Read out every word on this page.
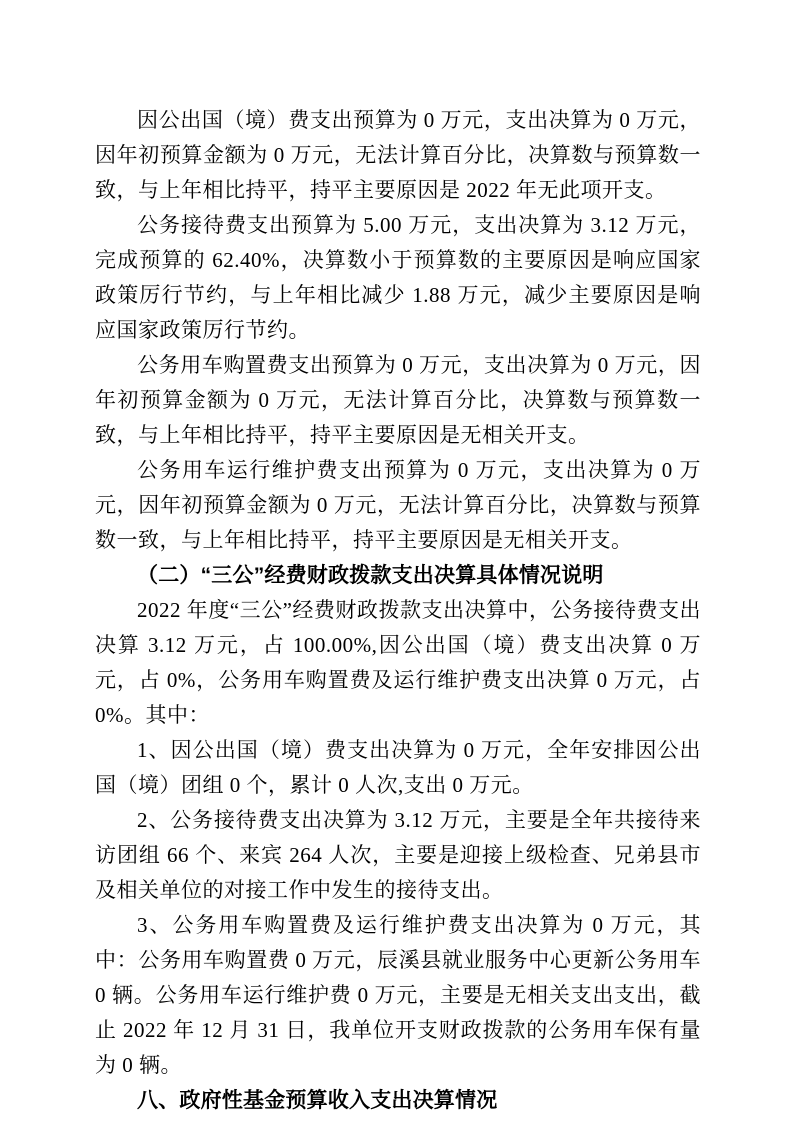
因公出国（境）费支出预算为 0 万元，支出决算为 0 万元，因年初预算金额为 0 万元，无法计算百分比，决算数与预算数一致，与上年相比持平，持平主要原因是 2022 年无此项开支。

公务接待费支出预算为 5.00 万元，支出决算为 3.12 万元，完成预算的 62.40%，决算数小于预算数的主要原因是响应国家政策厉行节约，与上年相比减少 1.88 万元，减少主要原因是响应国家政策厉行节约。

公务用车购置费支出预算为 0 万元，支出决算为 0 万元，因年初预算金额为 0 万元，无法计算百分比，决算数与预算数一致，与上年相比持平，持平主要原因是无相关开支。

公务用车运行维护费支出预算为 0 万元，支出决算为 0 万元，因年初预算金额为 0 万元，无法计算百分比，决算数与预算数一致，与上年相比持平，持平主要原因是无相关开支。

（二）“三公”经费财政拨款支出决算具体情况说明

2022 年度“三公”经费财政拨款支出决算中，公务接待费支出决算 3.12 万元，占 100.00%,因公出国（境）费支出决算 0 万元，占 0%，公务用车购置费及运行维护费支出决算 0 万元，占 0%。其中：

1、因公出国（境）费支出决算为 0 万元，全年安排因公出国（境）团组 0 个，累计 0 人次,支出 0 万元。

2、公务接待费支出决算为 3.12 万元，主要是全年共接待来访团组 66 个、来宾 264 人次，主要是迎接上级检查、兄弟县市及相关单位的对接工作中发生的接待支出。

3、公务用车购置费及运行维护费支出决算为 0 万元，其中：公务用车购置费 0 万元，辰溪县就业服务中心更新公务用车 0 辆。公务用车运行维护费 0 万元，主要是无相关支出支出，截止 2022 年 12 月 31 日，我单位开支财政拨款的公务用车保有量为 0 辆。

八、政府性基金预算收入支出决算情况
